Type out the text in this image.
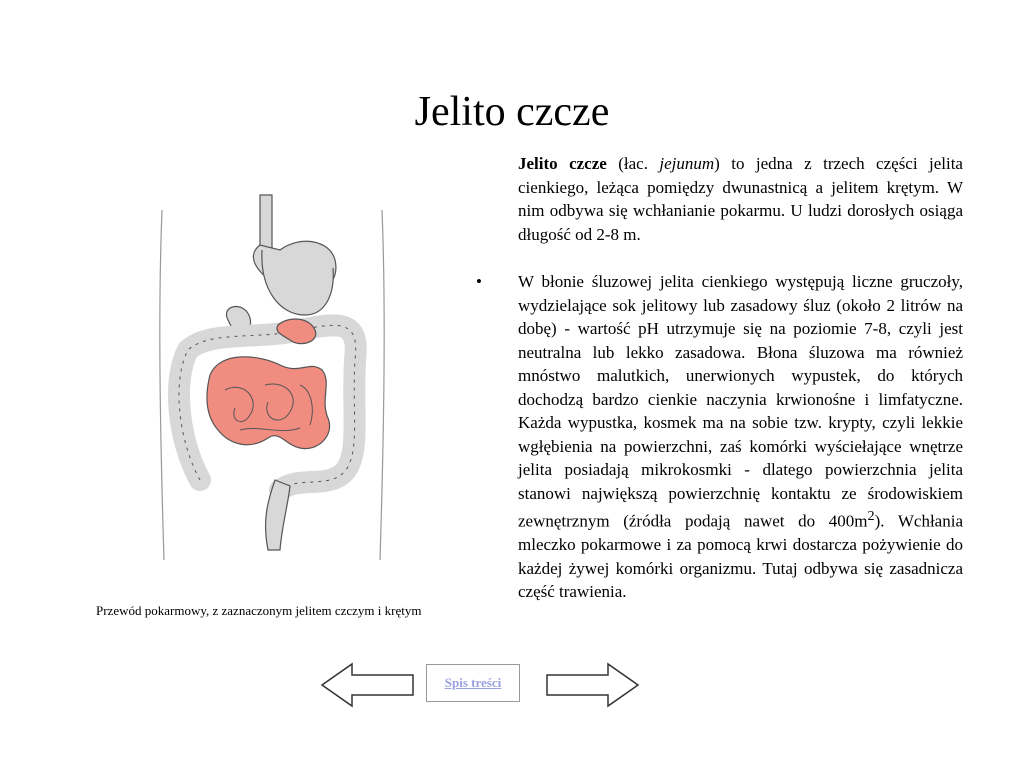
Jelito czcze
Przewód pokarmowy, z zaznaczonym jelitem czczym i krętym

Jelito czcze (łac. jejunum) to jedna z trzech części jelita cienkiego, leżąca pomiędzy dwunastnicą a jelitem krętym. W nim odbywa się wchłanianie pokarmu. U ludzi dorosłych osiąga długość od 2-8 m.

•	W błonie śluzowej jelita cienkiego występują liczne gruczoły, wydzielające sok jelitowy lub zasadowy śluz (około 2 litrów na dobę) - wartość pH utrzymuje się na poziomie 7-8, czyli jest neutralna lub lekko zasadowa. Błona śluzowa ma również mnóstwo malutkich, unerwionych wypustek, do których dochodzą bardzo cienkie naczynia krwionośne i limfatyczne. Każda wypustka, kosmek ma na sobie tzw. krypty, czyli lekkie wgłębienia na powierzchni, zaś komórki wyściełające wnętrze jelita posiadają mikrokosmki - dlatego powierzchnia jelita stanowi największą powierzchnię kontaktu ze środowiskiem zewnętrznym (źródła podają nawet do $400m^2$). Wchłania mleczko pokarmowe i za pomocą krwi dostarcza pożywienie do każdej żywej komórki organizmu. Tutaj odbywa się zasadnicza część trawienia.
Spis treści
